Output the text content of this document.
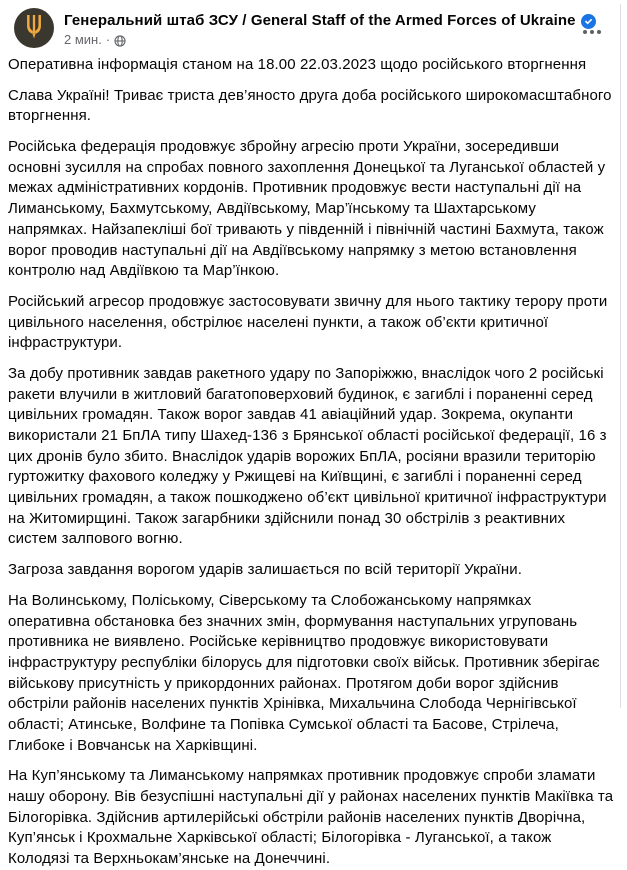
Генеральний штаб ЗСУ / General Staff of the Armed Forces of Ukraine
2 мин. ·

Оперативна інформація станом на 18.00 22.03.2023 щодо російського вторгнення

Слава Україні! Триває триста дев’яносто друга доба російського широкомасштабного вторгнення.

Російська федерація продовжує збройну агресію проти України, зосередивши основні зусилля на спробах повного захоплення Донецької та Луганської областей у межах адміністративних кордонів. Противник продовжує вести наступальні дії на Лиманському, Бахмутському, Авдіївському, Мар’їнському та Шахтарському напрямках. Найзапекліші бої тривають у південній і північній частині Бахмута, також ворог проводив наступальні дії на Авдіївському напрямку з метою встановлення контролю над Авдіївкою та Мар’їнкою.

Російський агресор продовжує застосовувати звичну для нього тактику терору проти цивільного населення, обстрілює населені пункти, а також об’єкти критичної інфраструктури.

За добу противник завдав ракетного удару по Запоріжжю, внаслідок чого 2 російські ракети влучили в житловий багатоповерховий будинок, є загиблі і пораненні серед цивільних громадян. Також ворог завдав 41 авіаційний удар. Зокрема, окупанти використали 21 БпЛА типу Шахед-136 з Брянської області російської федерації, 16 з цих дронів було збито. Внаслідок ударів ворожих БпЛА, росіяни вразили територію гуртожитку фахового коледжу у Ржищеві на Київщині, є загиблі і пораненні серед цивільних громадян, а також пошкоджено об’єкт цивільної критичної інфраструктури на Житомирщині. Також загарбники здійснили понад 30 обстрілів з реактивних систем залпового вогню.

Загроза завдання ворогом ударів залишається по всій території України.

На Волинському, Поліському, Сіверському та Слобожанському напрямках оперативна обстановка без значних змін, формування наступальних угруповань противника не виявлено. Російське керівництво продовжує використовувати інфраструктуру республіки білорусь для підготовки своїх військ. Противник зберігає військову присутність у прикордонних районах. Протягом доби ворог здійснив обстріли районів населених пунктів Хрінівка, Михальчина Слобода Чернігівської області; Атинське, Волфине та Попівка Сумської області та Басове, Стрілеча, Глибоке і Вовчанськ на Харківщині.

На Куп’янському та Лиманському напрямках противник продовжує спроби зламати нашу оборону. Вів безуспішні наступальні дії у районах населених пунктів Макіївка та Білогорівка. Здійснив артилерійські обстріли районів населених пунктів Дворічна, Куп’янськ і Крохмальне Харківської області; Білогорівка - Луганської, а також Колодязі та Верхньокам’янське на Донеччині.
